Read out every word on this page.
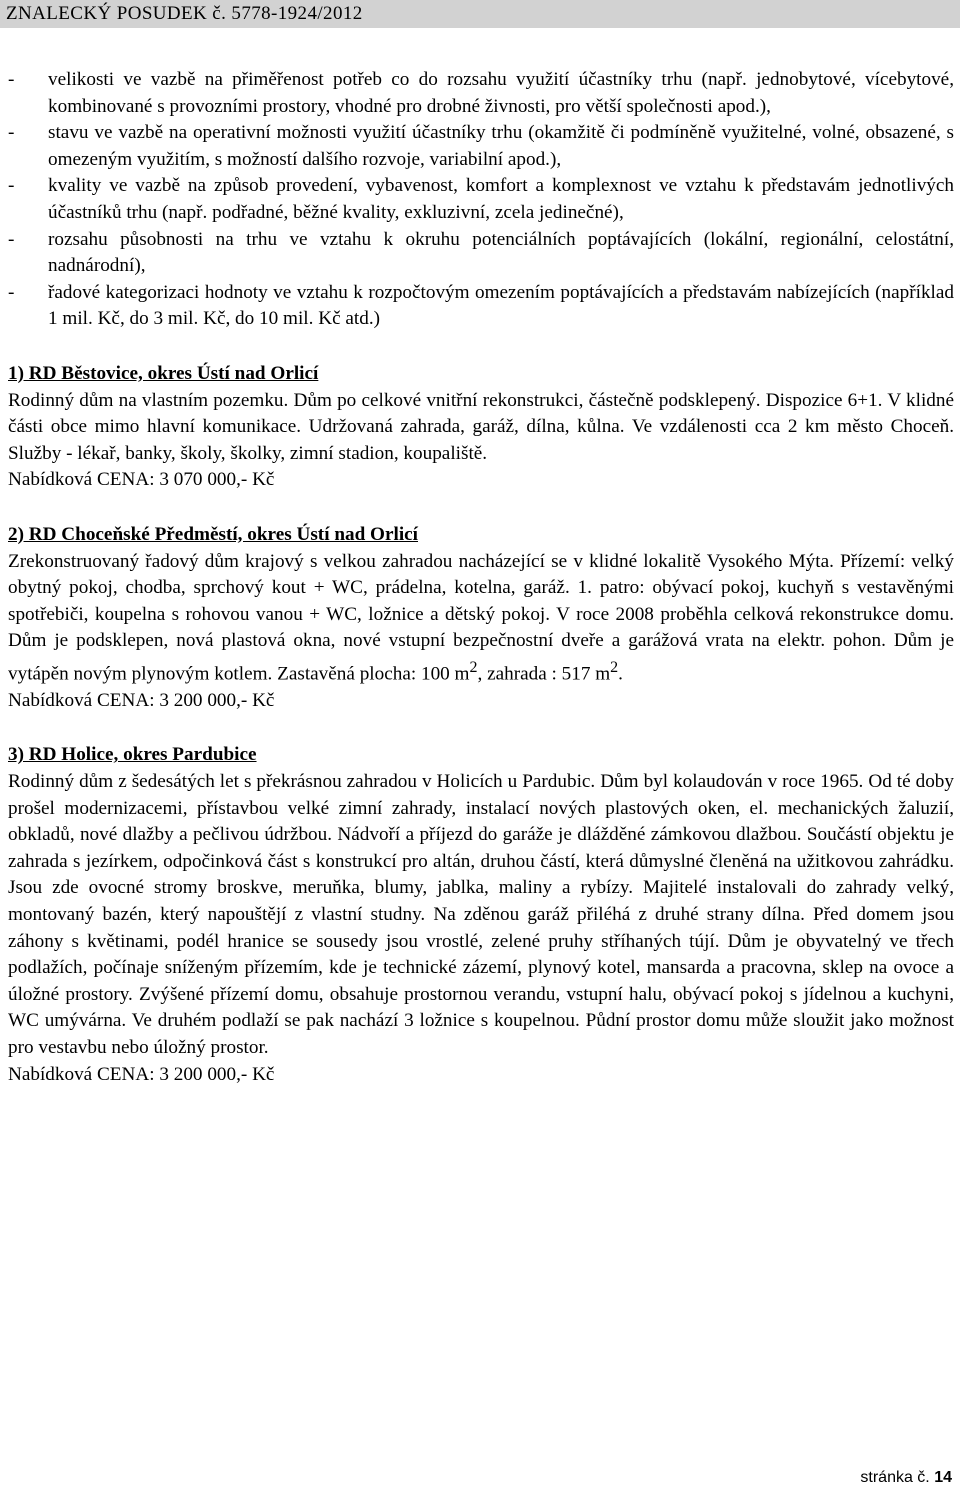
ZNALECKÝ POSUDEK č. 5778-1924/2012
- velikosti ve vazbě na přiměřenost potřeb co do rozsahu využití účastníky trhu (např. jednobytové, vícebytové, kombinované s provozními prostory, vhodné pro drobné živnosti, pro větší společnosti apod.),
- stavu ve vazbě na operativní možnosti využití účastníky trhu (okamžitě či podmíněně využitelné, volné, obsazené, s omezeným využitím, s možností dalšího rozvoje, variabilní apod.),
- kvality ve vazbě na způsob provedení, vybavenost, komfort a komplexnost ve vztahu k představám jednotlivých účastníků trhu (např. podřadné, běžné kvality, exkluzivní, zcela jedinečné),
- rozsahu působnosti na trhu ve vztahu k okruhu potenciálních poptávajících (lokální, regionální, celostátní, nadnárodní),
- řadové kategorizaci hodnoty ve vztahu k rozpočtovým omezením poptávajících a představám nabízejících (například 1 mil. Kč, do 3 mil. Kč, do 10 mil. Kč atd.)
1) RD Běstovice, okres Ústí nad Orlicí
Rodinný dům na vlastním pozemku. Dům po celkové vnitřní rekonstrukci, částečně podsklepený. Dispozice 6+1. V klidné části obce mimo hlavní komunikace. Udržovaná zahrada, garáž, dílna, kůlna. Ve vzdálenosti cca 2 km město Choceň. Služby - lékař, banky, školy, školky, zimní stadion, koupaliště.
Nabídková CENA: 3 070 000,- Kč
2) RD Choceňské Předměstí, okres Ústí nad Orlicí
Zrekonstruovaný řadový dům krajový s velkou zahradou nacházející se v klidné lokalitě Vysokého Mýta. Přízemí: velký obytný pokoj, chodba, sprchový kout + WC, prádelna, kotelna, garáž. 1. patro: obývací pokoj, kuchyň s vestavěnými spotřebiči, koupelna s rohovou vanou + WC, ložnice a dětský pokoj. V roce 2008 proběhla celková rekonstrukce domu. Dům je podsklepen, nová plastová okna, nové vstupní bezpečnostní dveře a garážová vrata na elektr. pohon. Dům je vytápěn novým plynovým kotlem. Zastavěná plocha: 100 $m^2$, zahrada : 517 $m^2$.
Nabídková CENA: 3 200 000,- Kč
3) RD Holice, okres Pardubice
Rodinný dům z šedesátých let s překrásnou zahradou v Holicích u Pardubic. Dům byl kolaudován v roce 1965. Od té doby prošel modernizacemi, přístavbou velké zimní zahrady, instalací nových plastových oken, el. mechanických žaluzií, obkladů, nové dlažby a pečlivou údržbou. Nádvoří a příjezd do garáže je dlážděné zámkovou dlažbou. Součástí objektu je zahrada s jezírkem, odpočinková část s konstrukcí pro altán, druhou částí, která důmyslné členěná na užitkovou zahrádku. Jsou zde ovocné stromy broskve, meruňka, blumy, jablka, maliny a rybízy. Majitelé instalovali do zahrady velký, montovaný bazén, který napouštějí z vlastní studny. Na zděnou garáž přiléhá z druhé strany dílna. Před domem jsou záhony s květinami, podél hranice se sousedy jsou vrostlé, zelené pruhy stříhaných tújí. Dům je obyvatelný ve třech podlažích, počínaje sníženým přízemím, kde je technické zázemí, plynový kotel, mansarda a pracovna, sklep na ovoce a úložné prostory. Zvýšené přízemí domu, obsahuje prostornou verandu, vstupní halu, obývací pokoj s jídelnou a kuchyni, WC umývárna. Ve druhém podlaží se pak nachází 3 ložnice s koupelnou. Půdní prostor domu může sloužit jako možnost pro vestavbu nebo úložný prostor.
Nabídková CENA: 3 200 000,- Kč
stránka č. 14
